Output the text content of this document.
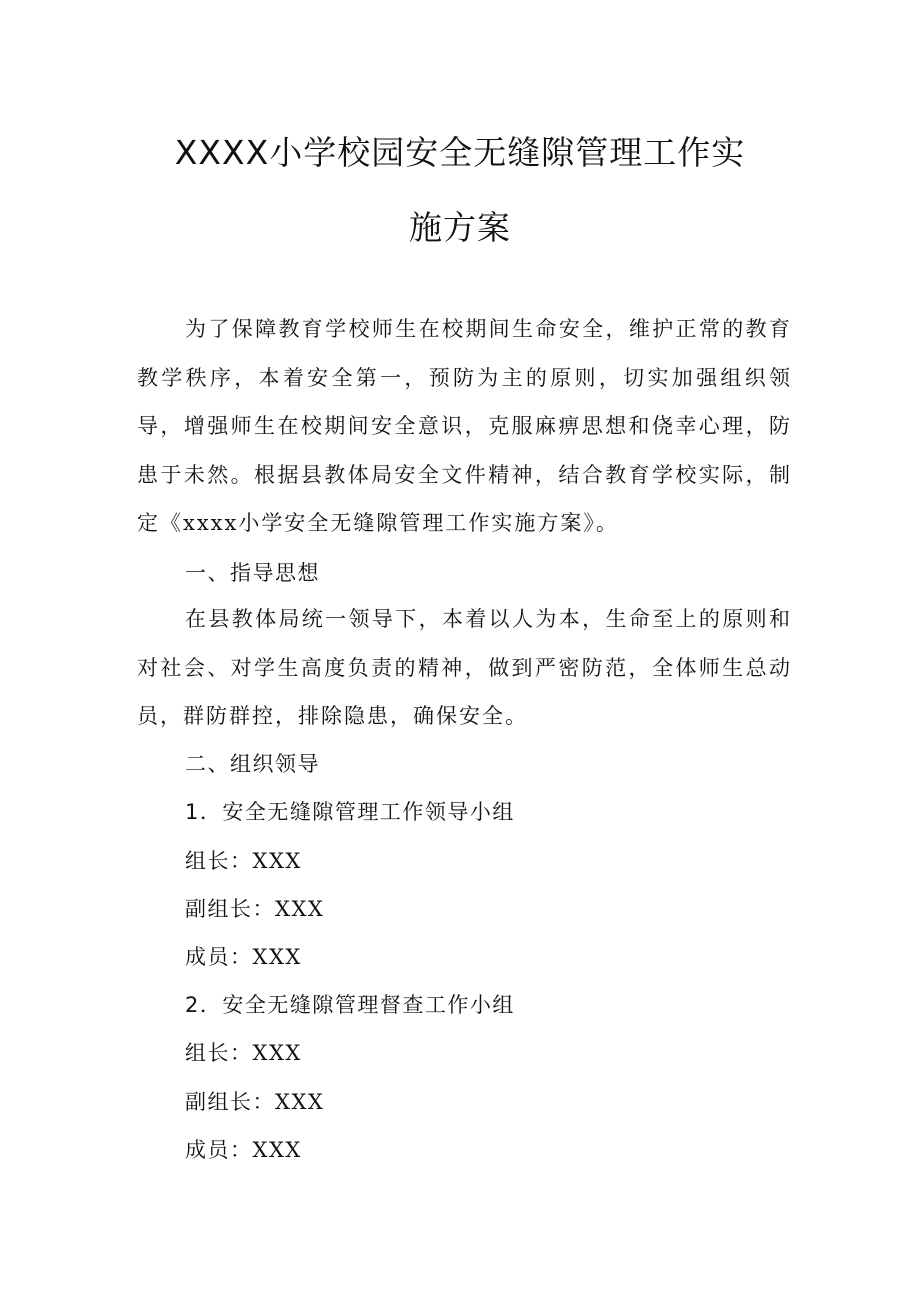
XXXX小学校园安全无缝隙管理工作实
施方案

为了保障教育学校师生在校期间生命安全，维护正常的教育教学秩序，本着安全第一，预防为主的原则，切实加强组织领导，增强师生在校期间安全意识，克服麻痹思想和侥幸心理，防患于未然。根据县教体局安全文件精神，结合教育学校实际，制定《xxxx小学安全无缝隙管理工作实施方案》。

一、指导思想

在县教体局统一领导下，本着以人为本，生命至上的原则和对社会、对学生高度负责的精神，做到严密防范，全体师生总动员，群防群控，排除隐患，确保安全。

二、组织领导

1．安全无缝隙管理工作领导小组

组长：XXX

副组长：XXX

成员：XXX

2．安全无缝隙管理督查工作小组

组长：XXX

副组长：XXX

成员：XXX
